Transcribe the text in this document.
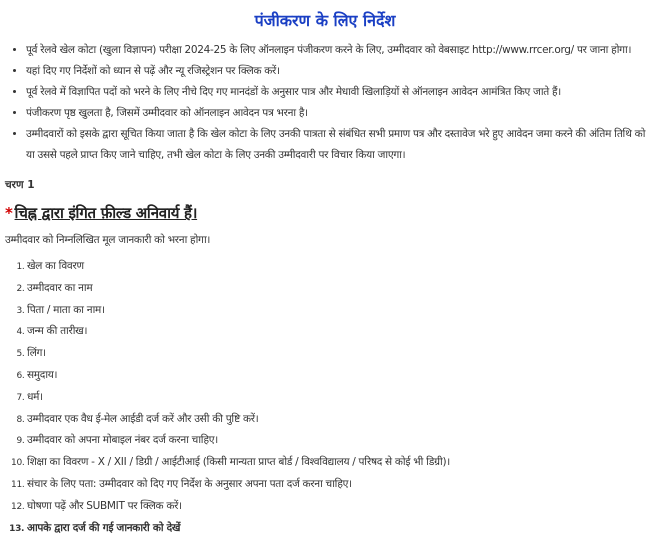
पंजीकरण के लिए निर्देश
• पूर्व रेलवे खेल कोटा (खुला विज्ञापन) परीक्षा 2024-25 के लिए ऑनलाइन पंजीकरण करने के लिए, उम्मीदवार को वेबसाइट http://www.rrcer.org/ पर जाना होगा।
• यहां दिए गए निर्देशों को ध्यान से पढ़ें और न्यू रजिस्ट्रेशन पर क्लिक करें।
• पूर्व रेलवे में विज्ञापित पदों को भरने के लिए नीचे दिए गए मानदंडों के अनुसार पात्र और मेधावी खिलाड़ियों से ऑनलाइन आवेदन आमंत्रित किए जाते हैं।
• पंजीकरण पृष्ठ खुलता है, जिसमें उम्मीदवार को ऑनलाइन आवेदन पत्र भरना है।
• उम्मीदवारों को इसके द्वारा सूचित किया जाता है कि खेल कोटा के लिए उनकी पात्रता से संबंधित सभी प्रमाण पत्र और दस्तावेज भरे हुए आवेदन जमा करने की अंतिम तिथि को या उससे पहले प्राप्त किए जाने चाहिए, तभी खेल कोटा के लिए उनकी उम्मीदवारी पर विचार किया जाएगा।
चरण 1
* चिह्न द्वारा इंगित फ़ील्ड अनिवार्य हैं।
उम्मीदवार को निम्नलिखित मूल जानकारी को भरना होगा।
1. खेल का विवरण
2. उम्मीदवार का नाम
3. पिता / माता का नाम।
4. जन्म की तारीख।
5. लिंग।
6. समुदाय।
7. धर्म।
8. उम्मीदवार एक वैध ई-मेल आईडी दर्ज करें और उसी की पुष्टि करें।
9. उम्मीदवार को अपना मोबाइल नंबर दर्ज करना चाहिए।
10. शिक्षा का विवरण - X / XII / डिग्री / आईटीआई (किसी मान्यता प्राप्त बोर्ड / विश्वविद्यालय / परिषद से कोई भी डिग्री)।
11. संचार के लिए पता: उम्मीदवार को दिए गए निर्देश के अनुसार अपना पता दर्ज करना चाहिए।
12. घोषणा पढ़ें और SUBMIT पर क्लिक करें।
13. आपके द्वारा दर्ज की गई जानकारी को देखें
